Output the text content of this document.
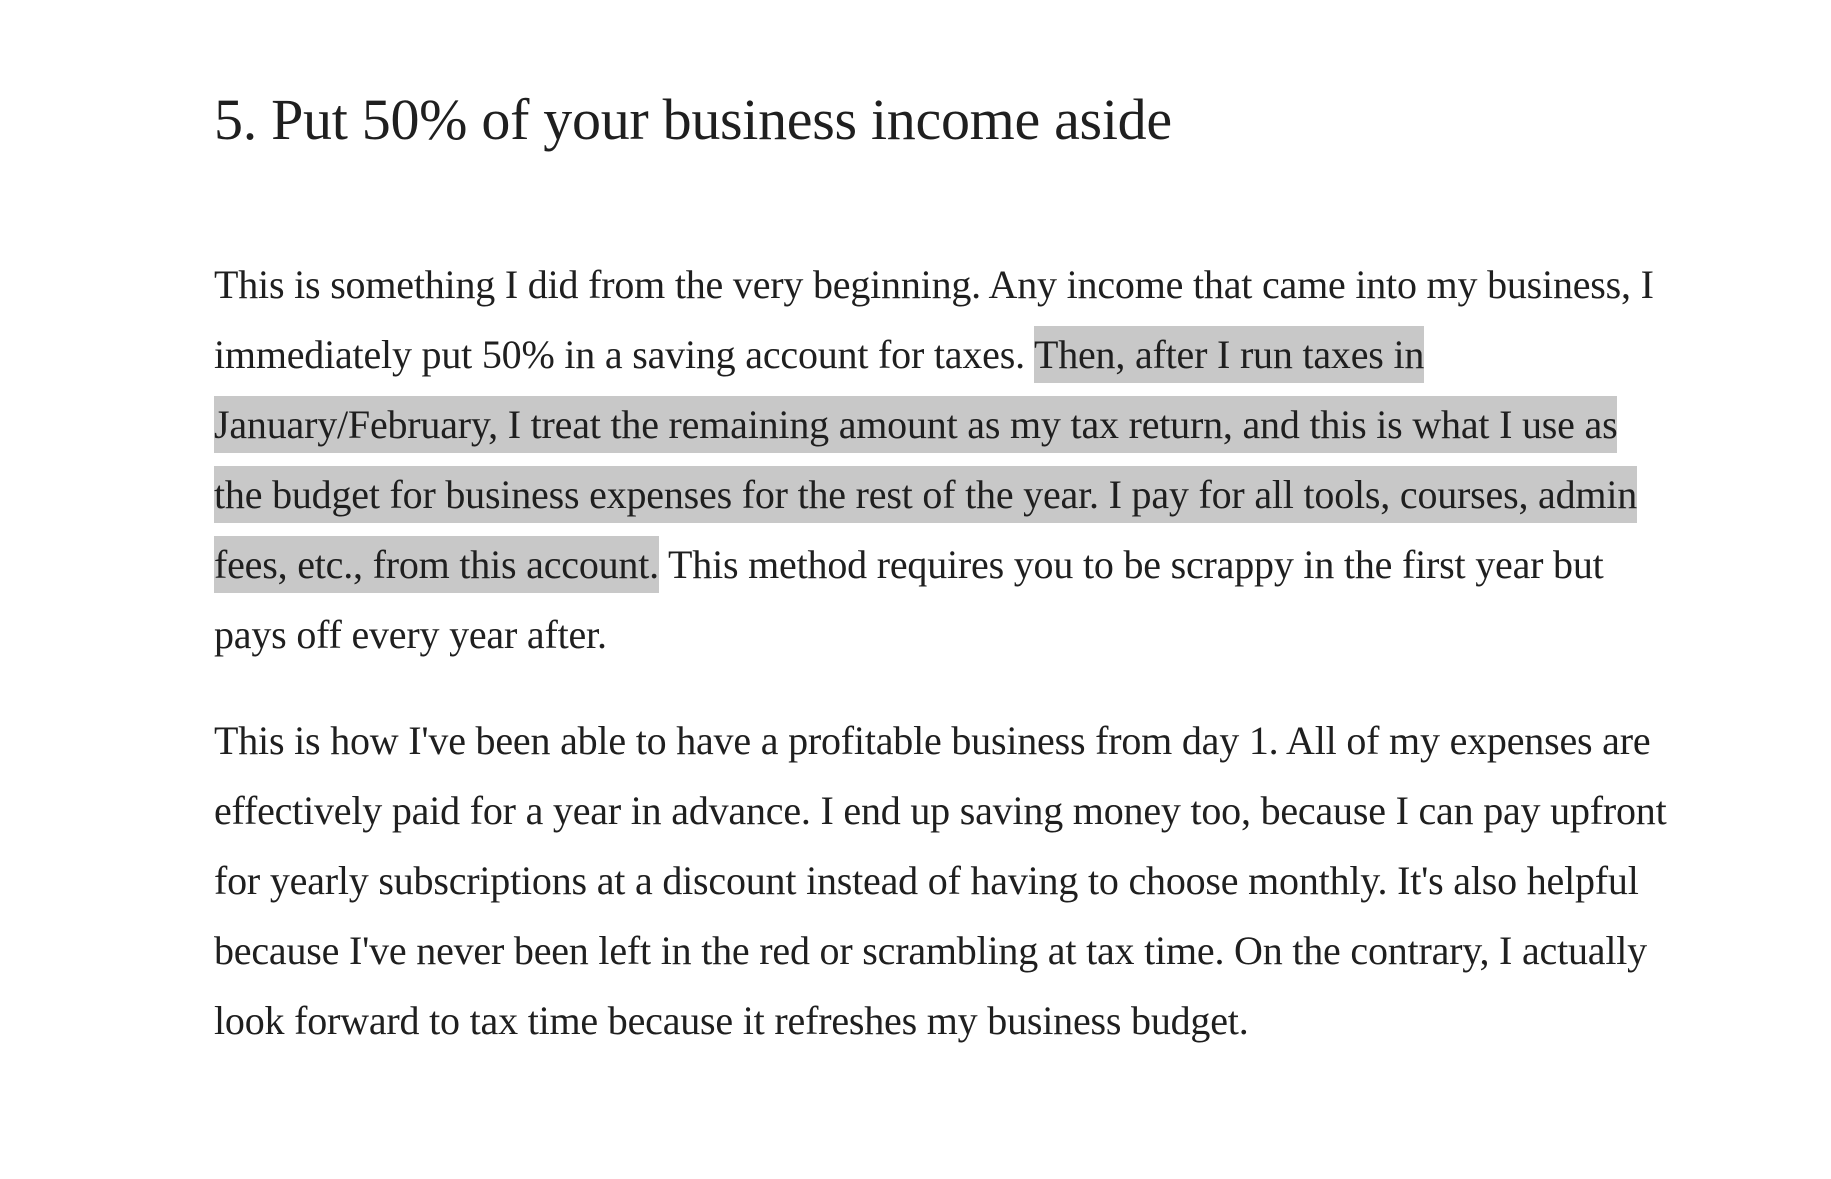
5. Put 50% of your business income aside

This is something I did from the very beginning. Any income that came into my business, I immediately put 50% in a saving account for taxes. Then, after I run taxes in January/February, I treat the remaining amount as my tax return, and this is what I use as the budget for business expenses for the rest of the year. I pay for all tools, courses, admin fees, etc., from this account. This method requires you to be scrappy in the first year but pays off every year after.

This is how I've been able to have a profitable business from day 1. All of my expenses are effectively paid for a year in advance. I end up saving money too, because I can pay upfront for yearly subscriptions at a discount instead of having to choose monthly. It's also helpful because I've never been left in the red or scrambling at tax time. On the contrary, I actually look forward to tax time because it refreshes my business budget.
